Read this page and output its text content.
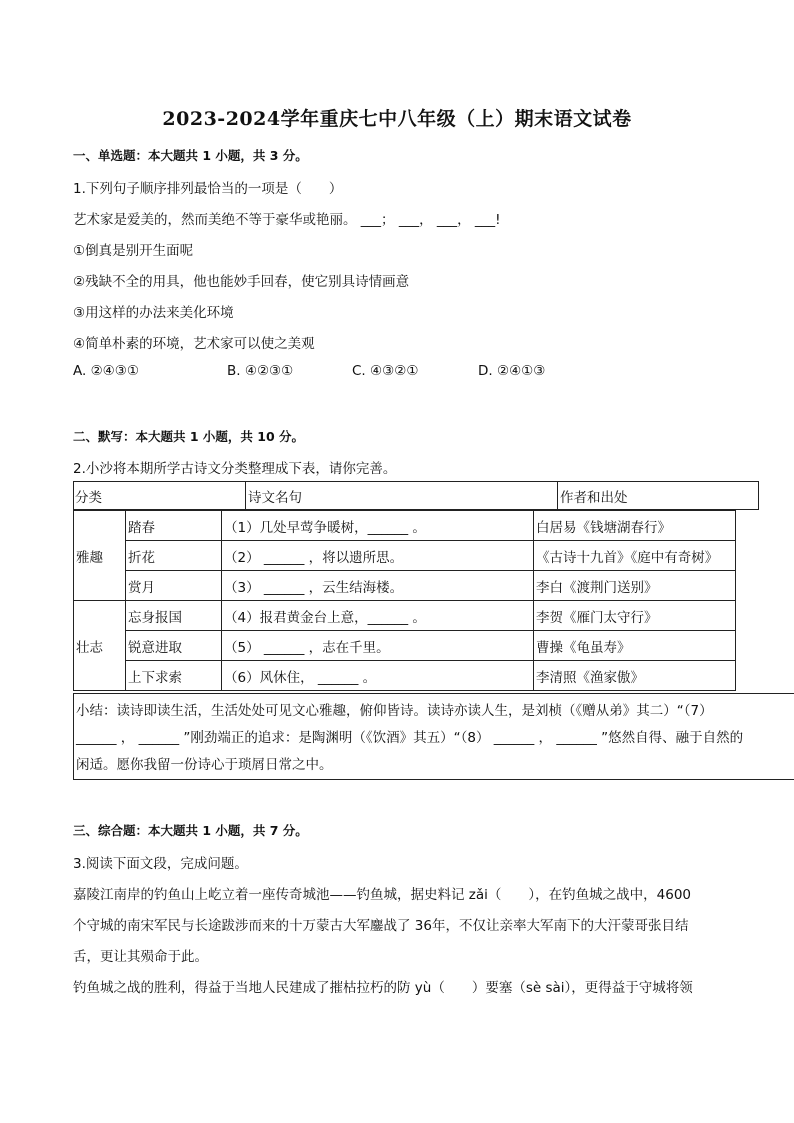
2023-2024学年重庆七中八年级（上）期末语文试卷
一、单选题：本大题共 1 小题，共 3 分。
1.下列句子顺序排列最恰当的一项是（　　）
艺术家是爱美的，然而美绝不等于豪华或艳丽。 ___； ___， ___， ___!
①倒真是别开生面呢
②残缺不全的用具，他也能妙手回春，使它别具诗情画意
③用这样的办法来美化环境
④简单朴素的环境，艺术家可以使之美观
A. ②④③①	B. ④②③①	C. ④③②①	D. ②④①③
二、默写：本大题共 1 小题，共 10 分。
2.小沙将本期所学古诗文分类整理成下表，请你完善。
分类	诗文名句	作者和出处
雅趣	踏春	（1）几处早莺争暖树，______ 。	白居易《钱塘湖春行》
	折花	（2） ______ ，将以遗所思。	《古诗十九首》《庭中有奇树》
	赏月	（3） ______ ，云生结海楼。	李白《渡荆门送别》
壮志	忘身报国	（4）报君黄金台上意，______ 。	李贺《雁门太守行》
	锐意进取	（5） ______ ，志在千里。	曹操《龟虽寿》
	上下求索	（6）风休住， ______ 。	李清照《渔家傲》
小结：读诗即读生活，生活处处可见文心雅趣，俯仰皆诗。读诗亦读人生，是刘桢（《赠从弟》其二）“（7）
______ ， ______ ”刚劲端正的追求：是陶渊明（《饮酒》其五）“（8） ______ ， ______ ”悠然自得、融于自然的
闲适。愿你我留一份诗心于琐屑日常之中。
三、综合题：本大题共 1 小题，共 7 分。
3.阅读下面文段，完成问题。
嘉陵江南岸的钓鱼山上屹立着一座传奇城池——钓鱼城，据史料记 zǎi（　　），在钓鱼城之战中，4600
个守城的南宋军民与长途跋涉而来的十万蒙古大军鏖战了 36年，不仅让亲率大军南下的大汗蒙哥张目结
舌，更让其殒命于此。
钓鱼城之战的胜利，得益于当地人民建成了摧枯拉朽的防 yù（　　）要塞（sè sài），更得益于守城将领
